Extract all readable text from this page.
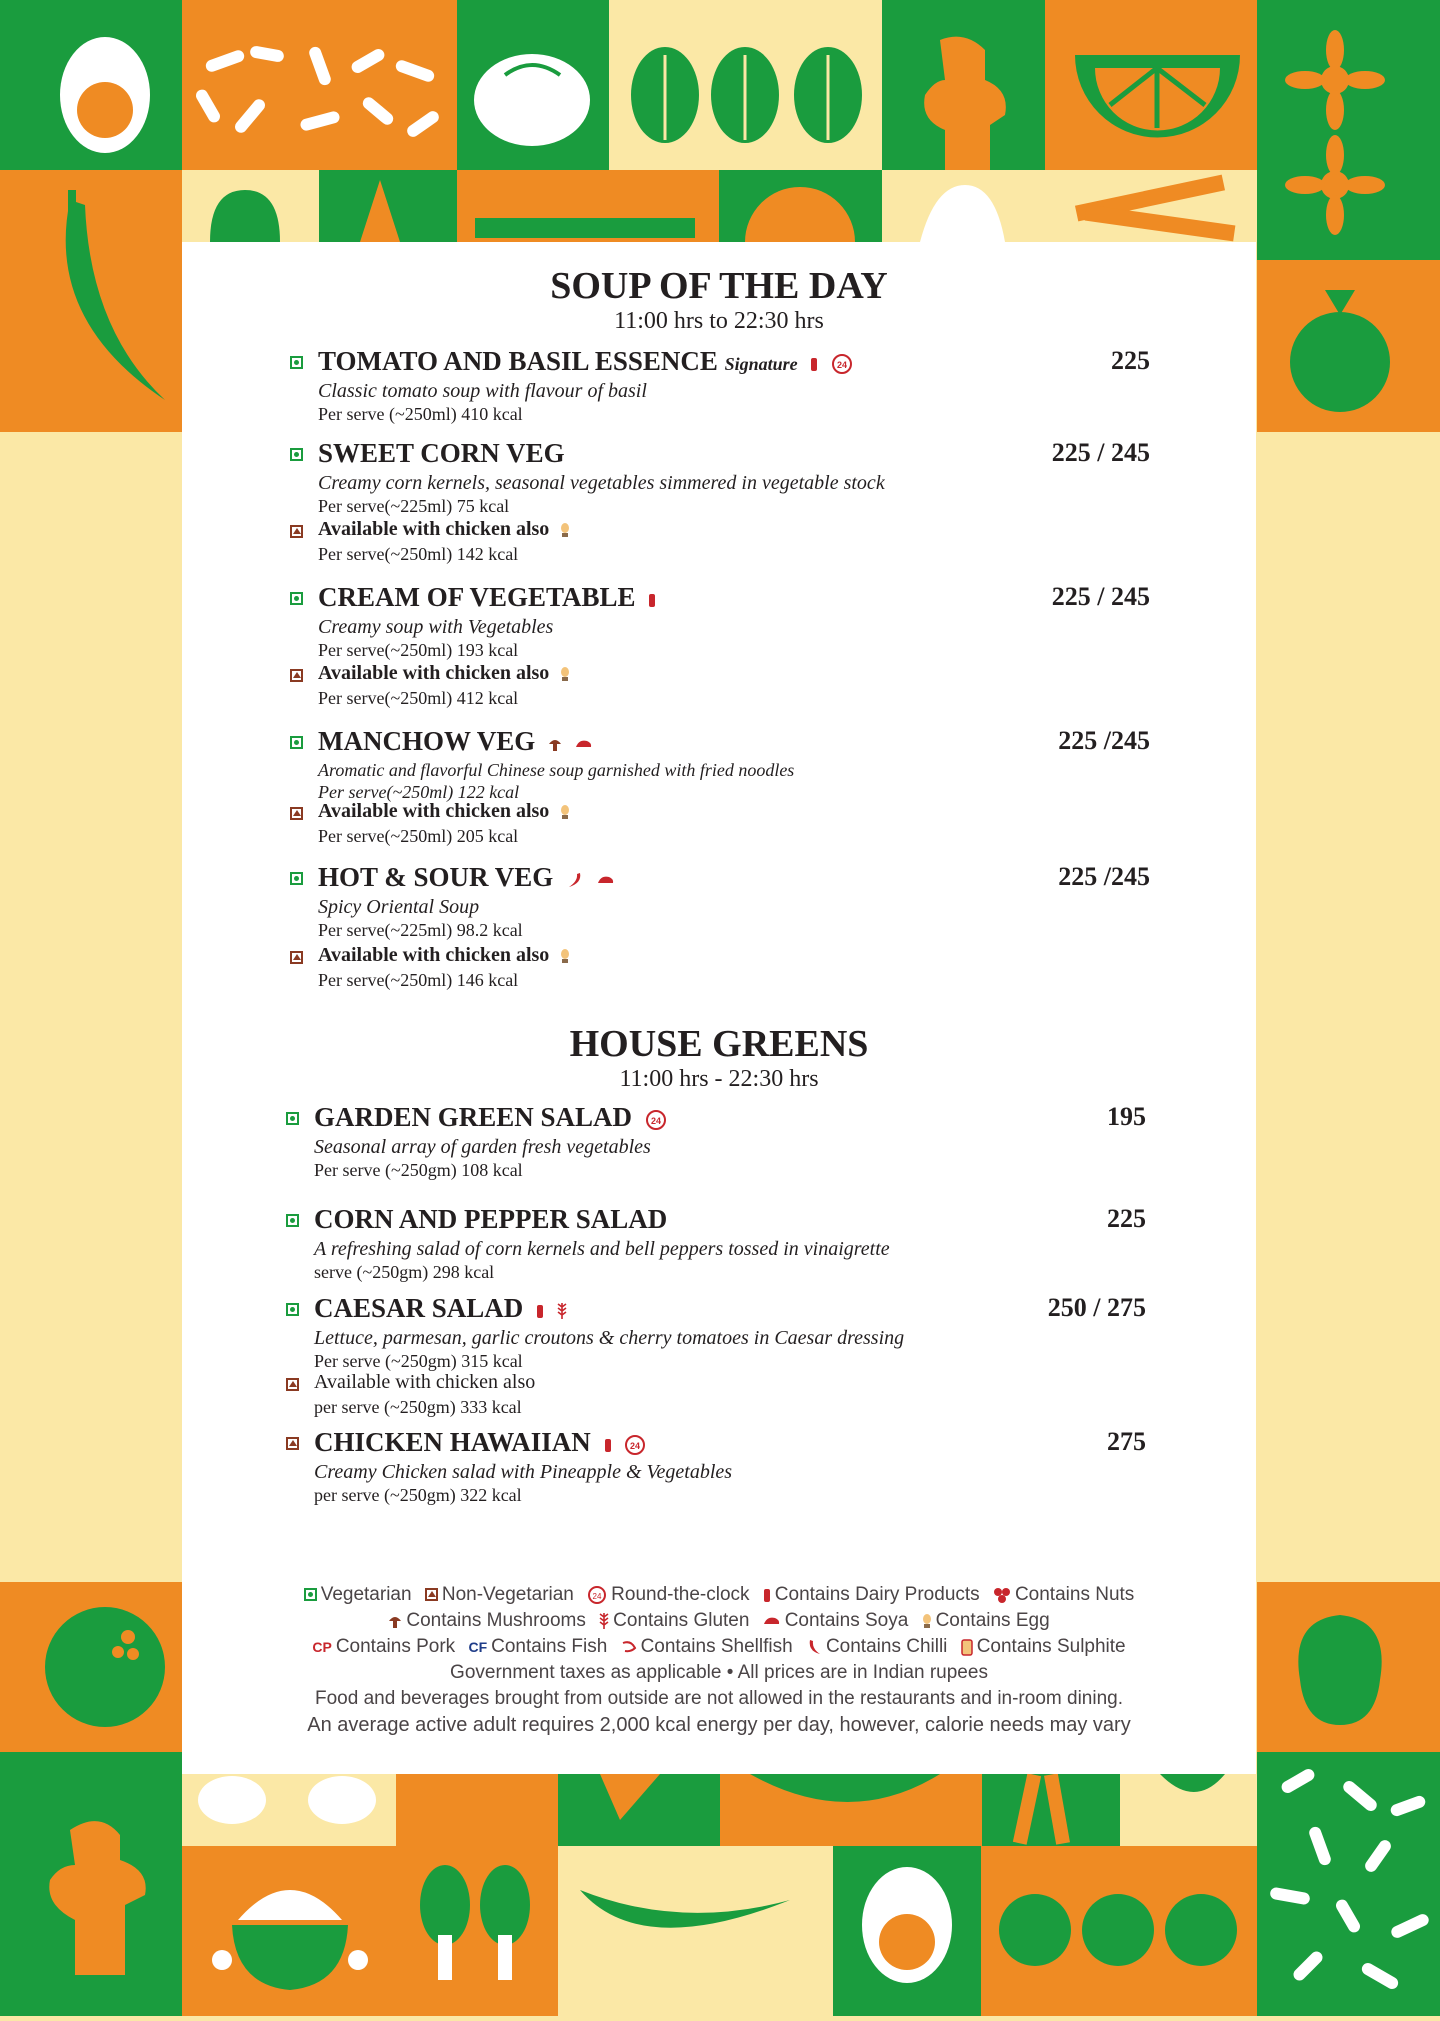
SOUP OF THE DAY
11:00 hrs to 22:30 hrs
TOMATO AND BASIL ESSENCE Signature	24	225
Classic tomato soup with flavour of basil
Per serve (~250ml) 410 kcal
SWEET CORN VEG	225 / 245
Creamy corn kernels, seasonal vegetables simmered in vegetable stock
Per serve(~225ml) 75 kcal
Available with chicken also
Per serve(~250ml) 142 kcal
CREAM OF VEGETABLE	225 / 245
Creamy soup with Vegetables
Per serve(~250ml) 193 kcal
Available with chicken also
Per serve(~250ml) 412 kcal
MANCHOW VEG	225 /245
Aromatic and flavorful Chinese soup garnished with fried noodles
Per serve(~250ml) 122 kcal
Available with chicken also
Per serve(~250ml) 205 kcal
HOT & SOUR VEG	225 /245
Spicy Oriental Soup
Per serve(~225ml) 98.2 kcal
Available with chicken also
Per serve(~250ml) 146 kcal
HOUSE GREENS
11:00 hrs - 22:30 hrs
GARDEN GREEN SALAD 24	195
Seasonal array of garden fresh vegetables
Per serve (~250gm) 108 kcal
CORN AND PEPPER SALAD	225
A refreshing salad of corn kernels and bell peppers tossed in vinaigrette
serve (~250gm) 298 kcal
CAESAR SALAD	250 / 275
Lettuce, parmesan, garlic croutons & cherry tomatoes in Caesar dressing
Per serve (~250gm) 315 kcal
Available with chicken also
per serve (~250gm) 333 kcal
CHICKEN HAWAIIAN	24	275
Creamy Chicken salad with Pineapple & Vegetables
per serve (~250gm) 322 kcal
Vegetarian Non-Vegetarian 24 Round-the-clock Contains Dairy Products Contains Nuts
Contains Mushrooms Contains Gluten Contains Soya Contains Egg
CP Contains Pork CF Contains Fish Contains Shellfish Contains Chilli Contains Sulphite
Government taxes as applicable • All prices are in Indian rupees
Food and beverages brought from outside are not allowed in the restaurants and in-room dining.
An average active adult requires 2,000 kcal energy per day, however, calorie needs may vary
